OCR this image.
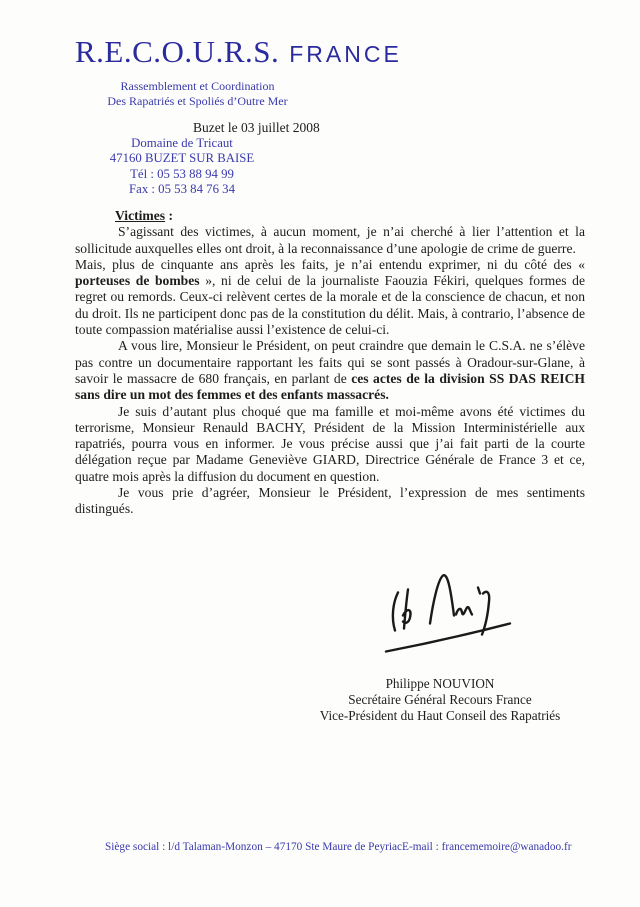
R.E.C.O.U.R.S. FRANCE
Rassemblement et Coordination
Des Rapatriés et Spoliés d’Outre Mer
Buzet le 03 juillet 2008
Domaine de Tricaut
47160 BUZET SUR BAISE
Tél : 05 53 88 94 99
Fax : 05 53 84 76 34

Victimes :

S’agissant des victimes, à aucun moment, je n’ai cherché à lier l’attention et la sollicitude auxquelles elles ont droit, à la reconnaissance d’une apologie de crime de guerre.

Mais, plus de cinquante ans après les faits, je n’ai entendu exprimer, ni du côté des « porteuses de bombes », ni de celui de la journaliste Faouzia Fékiri, quelques formes de regret ou remords. Ceux-ci relèvent certes de la morale et de la conscience de chacun, et non du droit. Ils ne participent donc pas de la constitution du délit. Mais, à contrario, l’absence de toute compassion matérialise aussi l’existence de celui-ci.

A vous lire, Monsieur le Président, on peut craindre que demain le C.S.A. ne s’élève pas contre un documentaire rapportant les faits qui se sont passés à Oradour-sur-Glane, à savoir le massacre de 680 français, en parlant de ces actes de la division SS DAS REICH sans dire un mot des femmes et des enfants massacrés.

Je suis d’autant plus choqué que ma famille et moi-même avons été victimes du terrorisme, Monsieur Renauld BACHY, Président de la Mission Interministérielle aux rapatriés, pourra vous en informer. Je vous précise aussi que j’ai fait parti de la courte délégation reçue par Madame Geneviève GIARD, Directrice Générale de France 3 et ce, quatre mois après la diffusion du document en question.

Je vous prie d’agréer, Monsieur le Président, l’expression de mes sentiments distingués.

Philippe NOUVION
Secrétaire Général Recours France
Vice-Président du Haut Conseil des Rapatriés
Siège social : l/d Talaman-Monzon – 47170 Ste Maure de Peyriac E-mail : francememoire@wanadoo.fr
